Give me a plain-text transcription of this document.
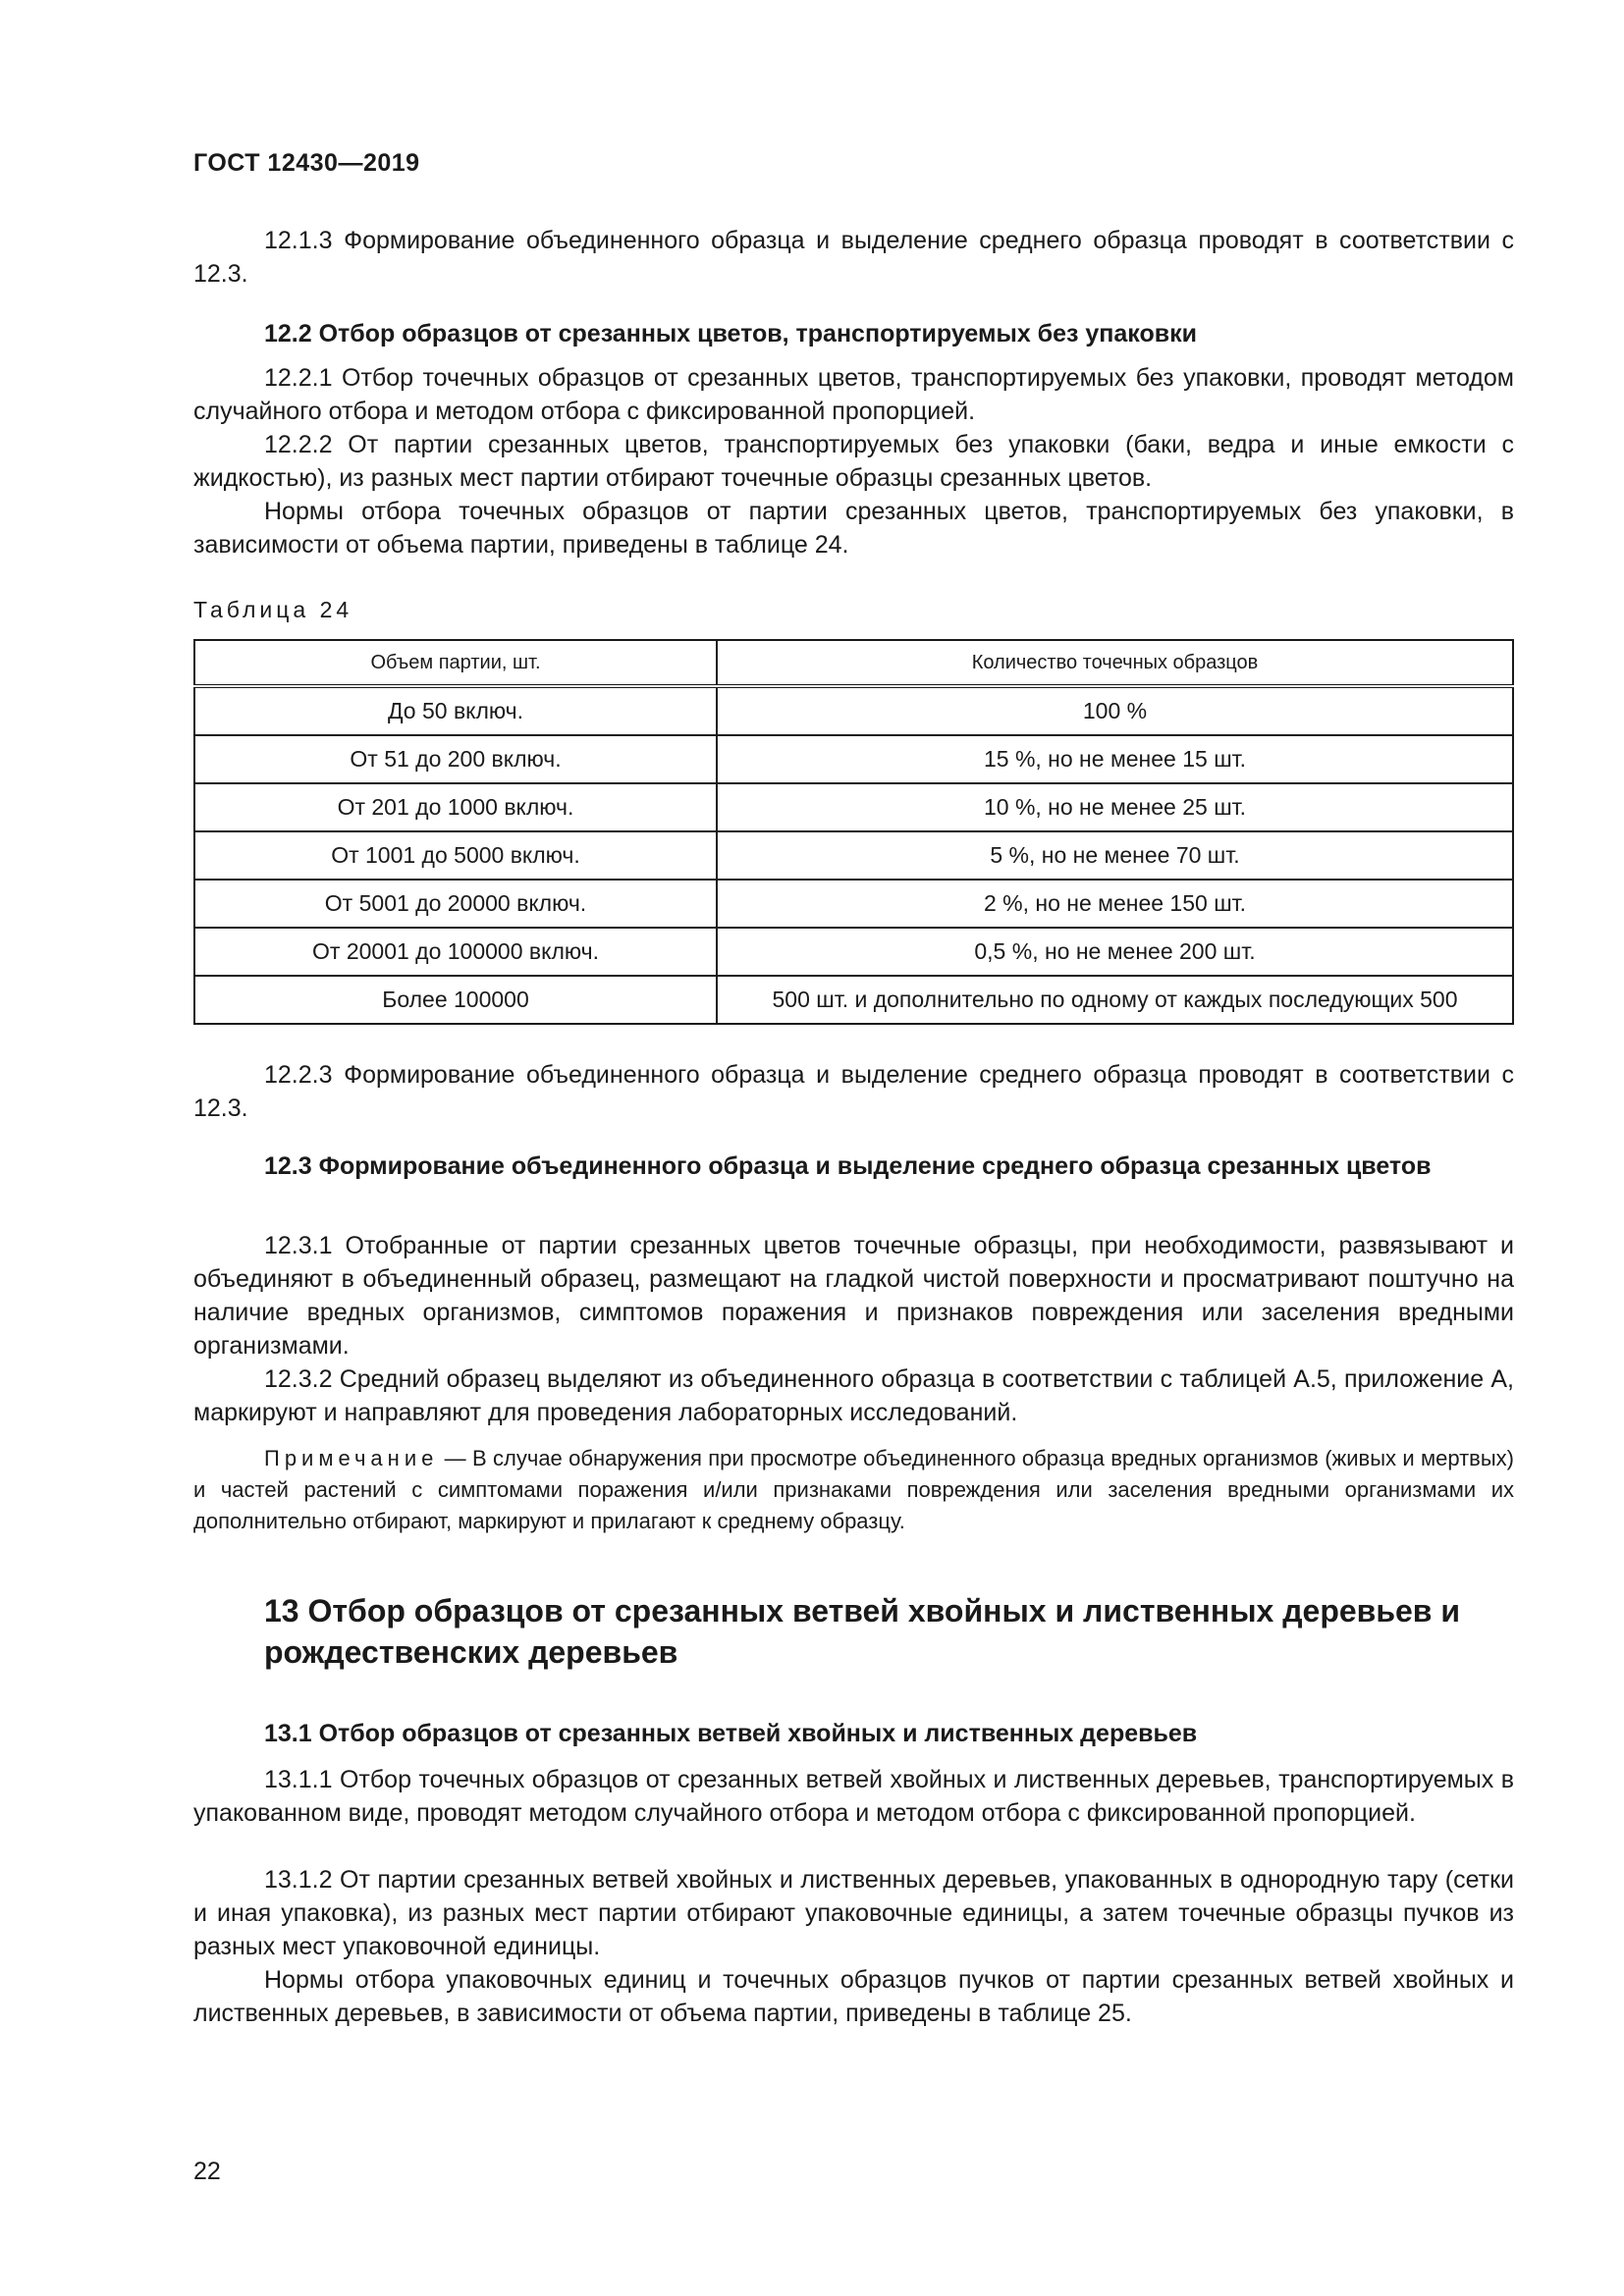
ГОСТ 12430—2019

12.1.3 Формирование объединенного образца и выделение среднего образца проводят в соответствии с 12.3.

12.2 Отбор образцов от срезанных цветов, транспортируемых без упаковки

12.2.1 Отбор точечных образцов от срезанных цветов, транспортируемых без упаковки, проводят методом случайного отбора и методом отбора с фиксированной пропорцией.

12.2.2 От партии срезанных цветов, транспортируемых без упаковки (баки, ведра и иные емкости с жидкостью), из разных мест партии отбирают точечные образцы срезанных цветов.

Нормы отбора точечных образцов от партии срезанных цветов, транспортируемых без упаковки, в зависимости от объема партии, приведены в таблице 24.

Таблица 24
Объем партии, шт.	Количество точечных образцов
До 50 включ.	100 %
От 51 до 200 включ.	15 %, но не менее 15 шт.
От 201 до 1000 включ.	10 %, но не менее 25 шт.
От 1001 до 5000 включ.	5 %, но не менее 70 шт.
От 5001 до 20000 включ.	2 %, но не менее 150 шт.
От 20001 до 100000 включ.	0,5 %, но не менее 200 шт.
Более 100000	500 шт. и дополнительно по одному от каждых последующих 500

12.2.3 Формирование объединенного образца и выделение среднего образца проводят в соответствии с 12.3.

12.3 Формирование объединенного образца и выделение среднего образца срезанных цветов

12.3.1 Отобранные от партии срезанных цветов точечные образцы, при необходимости, развязывают и объединяют в объединенный образец, размещают на гладкой чистой поверхности и просматривают поштучно на наличие вредных организмов, симптомов поражения и признаков повреждения или заселения вредными организмами.

12.3.2 Средний образец выделяют из объединенного образца в соответствии с таблицей А.5, приложение А, маркируют и направляют для проведения лабораторных исследований.

Примечание — В случае обнаружения при просмотре объединенного образца вредных организмов (живых и мертвых) и частей растений с симптомами поражения и/или признаками повреждения или заселения вредными организмами их дополнительно отбирают, маркируют и прилагают к среднему образцу.

13 Отбор образцов от срезанных ветвей хвойных и лиственных деревьев и рождественских деревьев
13.1 Отбор образцов от срезанных ветвей хвойных и лиственных деревьев

13.1.1 Отбор точечных образцов от срезанных ветвей хвойных и лиственных деревьев, транспортируемых в упакованном виде, проводят методом случайного отбора и методом отбора с фиксированной пропорцией.

13.1.2 От партии срезанных ветвей хвойных и лиственных деревьев, упакованных в однородную тару (сетки и иная упаковка), из разных мест партии отбирают упаковочные единицы, а затем точечные образцы пучков из разных мест упаковочной единицы.

Нормы отбора упаковочных единиц и точечных образцов пучков от партии срезанных ветвей хвойных и лиственных деревьев, в зависимости от объема партии, приведены в таблице 25.

22
